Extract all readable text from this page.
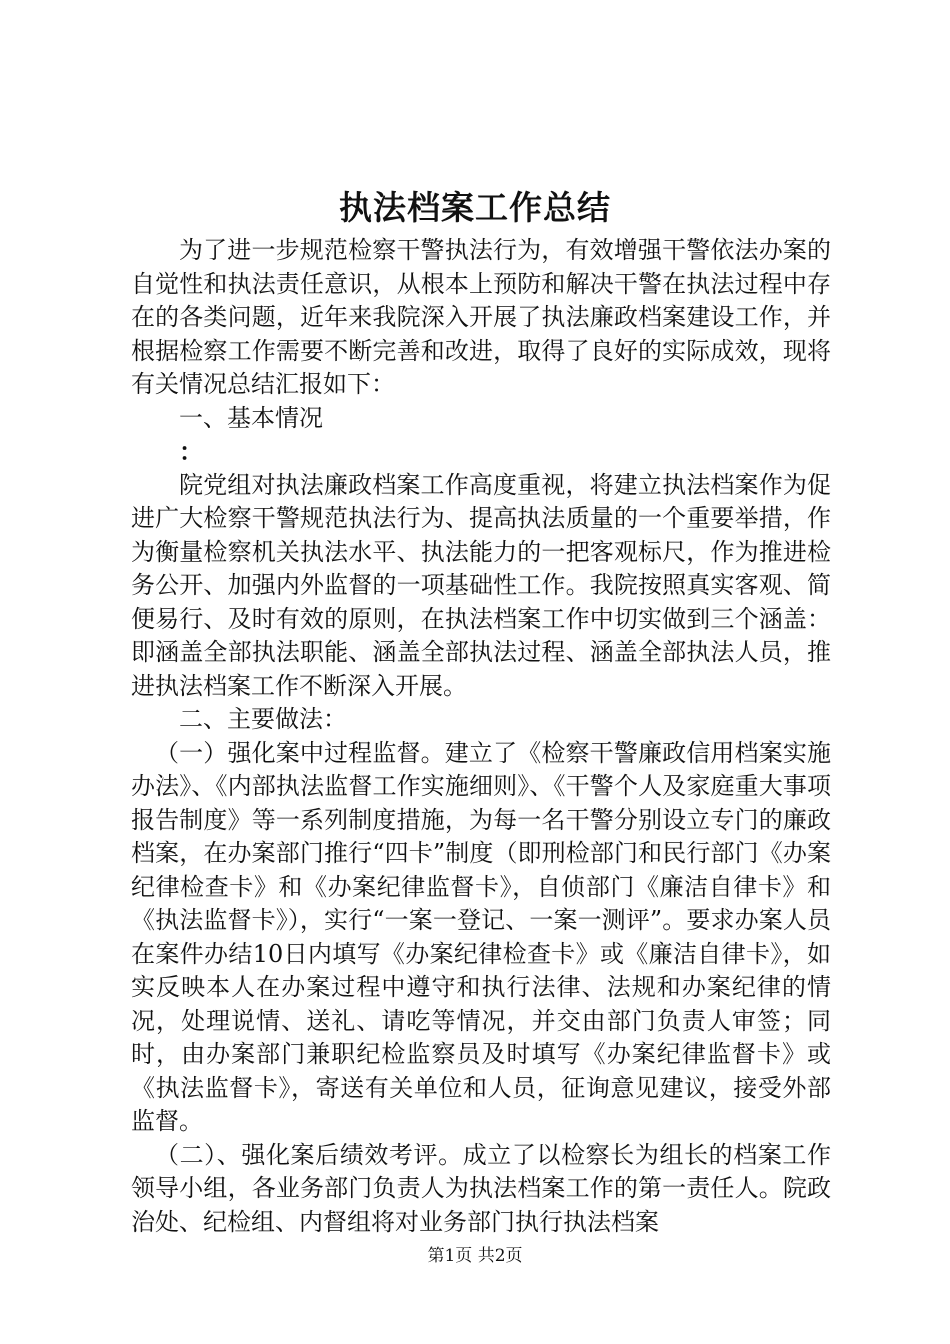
执法档案工作总结

为了进一步规范检察干警执法行为，有效增强干警依法办案的自觉性和执法责任意识，从根本上预防和解决干警在执法过程中存在的各类问题，近年来我院深入开展了执法廉政档案建设工作，并根据检察工作需要不断完善和改进，取得了良好的实际成效，现将有关情况总结汇报如下：

一、基本情况

：

院党组对执法廉政档案工作高度重视，将建立执法档案作为促进广大检察干警规范执法行为、提高执法质量的一个重要举措，作为衡量检察机关执法水平、执法能力的一把客观标尺，作为推进检务公开、加强内外监督的一项基础性工作。我院按照真实客观、简便易行、及时有效的原则，在执法档案工作中切实做到三个涵盖：即涵盖全部执法职能、涵盖全部执法过程、涵盖全部执法人员，推进执法档案工作不断深入开展。

二、主要做法：

（一）强化案中过程监督。建立了《检察干警廉政信用档案实施办法》、《内部执法监督工作实施细则》、《干警个人及家庭重大事项报告制度》等一系列制度措施，为每一名干警分别设立专门的廉政档案，在办案部门推行“四卡”制度（即刑检部门和民行部门《办案纪律检查卡》和《办案纪律监督卡》，自侦部门《廉洁自律卡》和《执法监督卡》），实行“一案一登记、一案一测评”。要求办案人员在案件办结10日内填写《办案纪律检查卡》或《廉洁自律卡》，如实反映本人在办案过程中遵守和执行法律、法规和办案纪律的情况，处理说情、送礼、请吃等情况，并交由部门负责人审签；同时，由办案部门兼职纪检监察员及时填写《办案纪律监督卡》或《执法监督卡》，寄送有关单位和人员，征询意见建议，接受外部监督。

（二）、强化案后绩效考评。成立了以检察长为组长的档案工作领导小组，各业务部门负责人为执法档案工作的第一责任人。院政治处、纪检组、内督组将对业务部门执行执法档案

第1页 共2页
